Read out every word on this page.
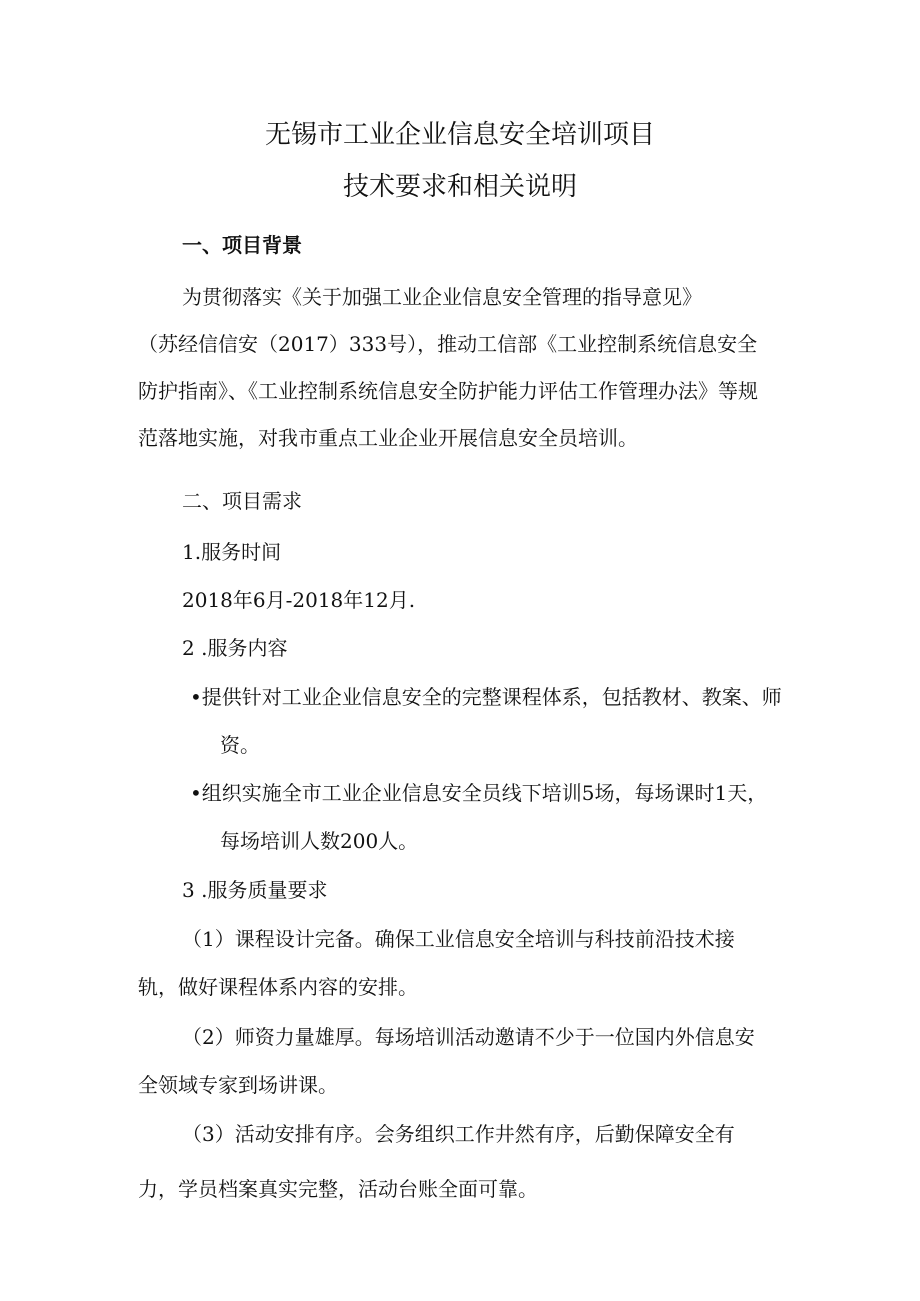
无锡市工业企业信息安全培训项目
技术要求和相关说明
一、项目背景
为贯彻落实《关于加强工业企业信息安全管理的指导意见》
（苏经信信安（2017）333号），推动工信部《工业控制系统信息安全
防护指南》、《工业控制系统信息安全防护能力评估工作管理办法》等规
范落地实施，对我市重点工业企业开展信息安全员培训。
二、项目需求
1.服务时间
2018年6月-2018年12月.
2 .服务内容
•提供针对工业企业信息安全的完整课程体系，包括教材、教案、师
资。
•组织实施全市工业企业信息安全员线下培训5场，每场课时1天，
每场培训人数200人。
3 .服务质量要求
（1）课程设计完备。确保工业信息安全培训与科技前沿技术接
轨，做好课程体系内容的安排。
（2）师资力量雄厚。每场培训活动邀请不少于一位国内外信息安
全领域专家到场讲课。
（3）活动安排有序。会务组织工作井然有序，后勤保障安全有
力，学员档案真实完整，活动台账全面可靠。
